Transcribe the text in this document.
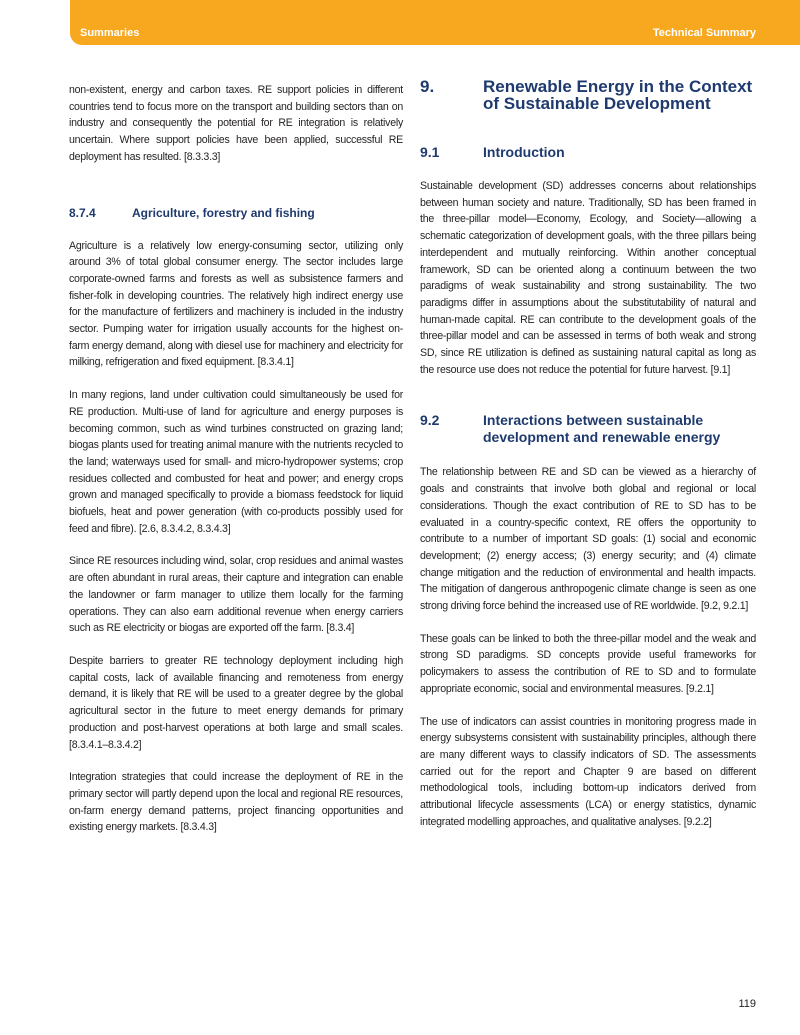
Summaries	Technical Summary

non-existent, energy and carbon taxes. RE support policies in different countries tend to focus more on the transport and building sectors than on industry and consequently the potential for RE integration is relatively uncertain. Where support policies have been applied, successful RE deployment has resulted. [8.3.3.3]

8.7.4	Agriculture, forestry and fishing

Agriculture is a relatively low energy-consuming sector, utilizing only around 3% of total global consumer energy. The sector includes large corporate-owned farms and forests as well as subsistence farmers and fisher-folk in developing countries. The relatively high indirect energy use for the manufacture of fertilizers and machinery is included in the industry sector. Pumping water for irrigation usually accounts for the highest on-farm energy demand, along with diesel use for machinery and electricity for milking, refrigeration and fixed equipment. [8.3.4.1]

In many regions, land under cultivation could simultaneously be used for RE production. Multi-use of land for agriculture and energy purposes is becoming common, such as wind turbines constructed on grazing land; biogas plants used for treating animal manure with the nutrients recycled to the land; waterways used for small- and micro-hydropower systems; crop residues collected and combusted for heat and power; and energy crops grown and managed specifically to provide a biomass feedstock for liquid biofuels, heat and power generation (with co-products possibly used for feed and fibre). [2.6, 8.3.4.2, 8.3.4.3]

Since RE resources including wind, solar, crop residues and animal wastes are often abundant in rural areas, their capture and integration can enable the landowner or farm manager to utilize them locally for the farming operations. They can also earn additional revenue when energy carriers such as RE electricity or biogas are exported off the farm. [8.3.4]

Despite barriers to greater RE technology deployment including high capital costs, lack of available financing and remoteness from energy demand, it is likely that RE will be used to a greater degree by the global agricultural sector in the future to meet energy demands for primary production and post-harvest operations at both large and small scales. [8.3.4.1–8.3.4.2]

Integration strategies that could increase the deployment of RE in the primary sector will partly depend upon the local and regional RE resources, on-farm energy demand patterns, project financing opportunities and existing energy markets. [8.3.4.3]

9.	Renewable Energy in the Context
of Sustainable Development
9.1	Introduction

Sustainable development (SD) addresses concerns about relationships between human society and nature. Traditionally, SD has been framed in the three-pillar model—Economy, Ecology, and Society—allowing a schematic categorization of development goals, with the three pillars being interdependent and mutually reinforcing. Within another conceptual framework, SD can be oriented along a continuum between the two paradigms of weak sustainability and strong sustainability. The two paradigms differ in assumptions about the substitutability of natural and human-made capital. RE can contribute to the development goals of the three-pillar model and can be assessed in terms of both weak and strong SD, since RE utilization is defined as sustaining natural capital as long as the resource use does not reduce the potential for future harvest. [9.1]

9.2	Interactions between sustainable
development and renewable energy

The relationship between RE and SD can be viewed as a hierarchy of goals and constraints that involve both global and regional or local considerations. Though the exact contribution of RE to SD has to be evaluated in a country-specific context, RE offers the opportunity to contribute to a number of important SD goals: (1) social and economic development; (2) energy access; (3) energy security; and (4) climate change mitigation and the reduction of environmental and health impacts. The mitigation of dangerous anthropogenic climate change is seen as one strong driving force behind the increased use of RE worldwide. [9.2, 9.2.1]

These goals can be linked to both the three-pillar model and the weak and strong SD paradigms. SD concepts provide useful frameworks for policymakers to assess the contribution of RE to SD and to formulate appropriate economic, social and environmental measures. [9.2.1]

The use of indicators can assist countries in monitoring progress made in energy subsystems consistent with sustainability principles, although there are many different ways to classify indicators of SD. The assessments carried out for the report and Chapter 9 are based on different methodological tools, including bottom-up indicators derived from attributional lifecycle assessments (LCA) or energy statistics, dynamic integrated modelling approaches, and qualitative analyses. [9.2.2]

119
